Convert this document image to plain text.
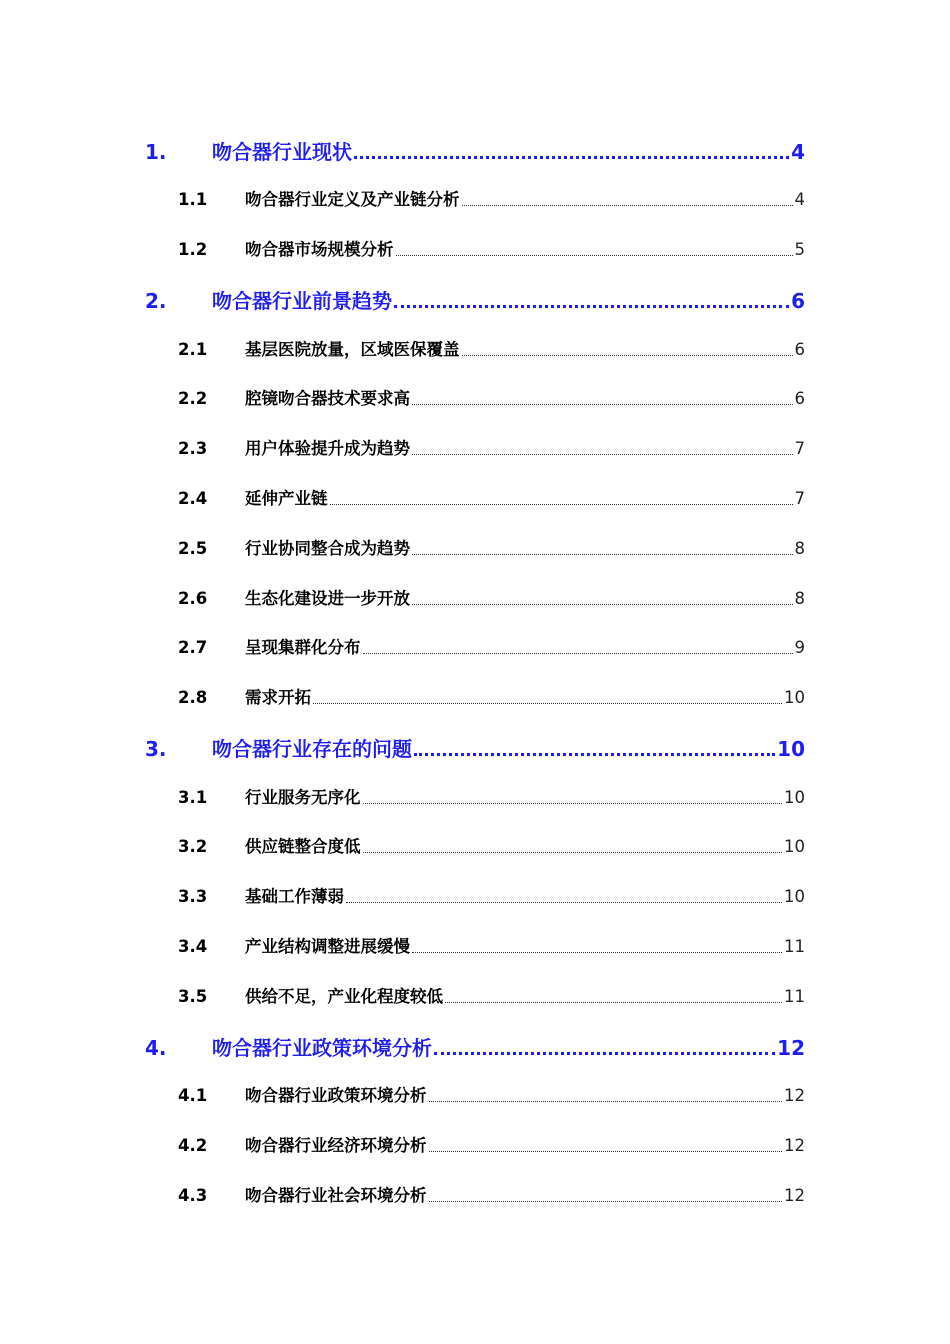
1.	吻合器行业现状	4
1.1	吻合器行业定义及产业链分析	4
1.2	吻合器市场规模分析	5
2.	吻合器行业前景趋势	6
2.1	基层医院放量，区域医保覆盖	6
2.2	腔镜吻合器技术要求高	6
2.3	用户体验提升成为趋势	7
2.4	延伸产业链	7
2.5	行业协同整合成为趋势	8
2.6	生态化建设进一步开放	8
2.7	呈现集群化分布	9
2.8	需求开拓	10
3.	吻合器行业存在的问题	10
3.1	行业服务无序化	10
3.2	供应链整合度低	10
3.3	基础工作薄弱	10
3.4	产业结构调整进展缓慢	11
3.5	供给不足，产业化程度较低	11
4.	吻合器行业政策环境分析	12
4.1	吻合器行业政策环境分析	12
4.2	吻合器行业经济环境分析	12
4.3	吻合器行业社会环境分析	12
